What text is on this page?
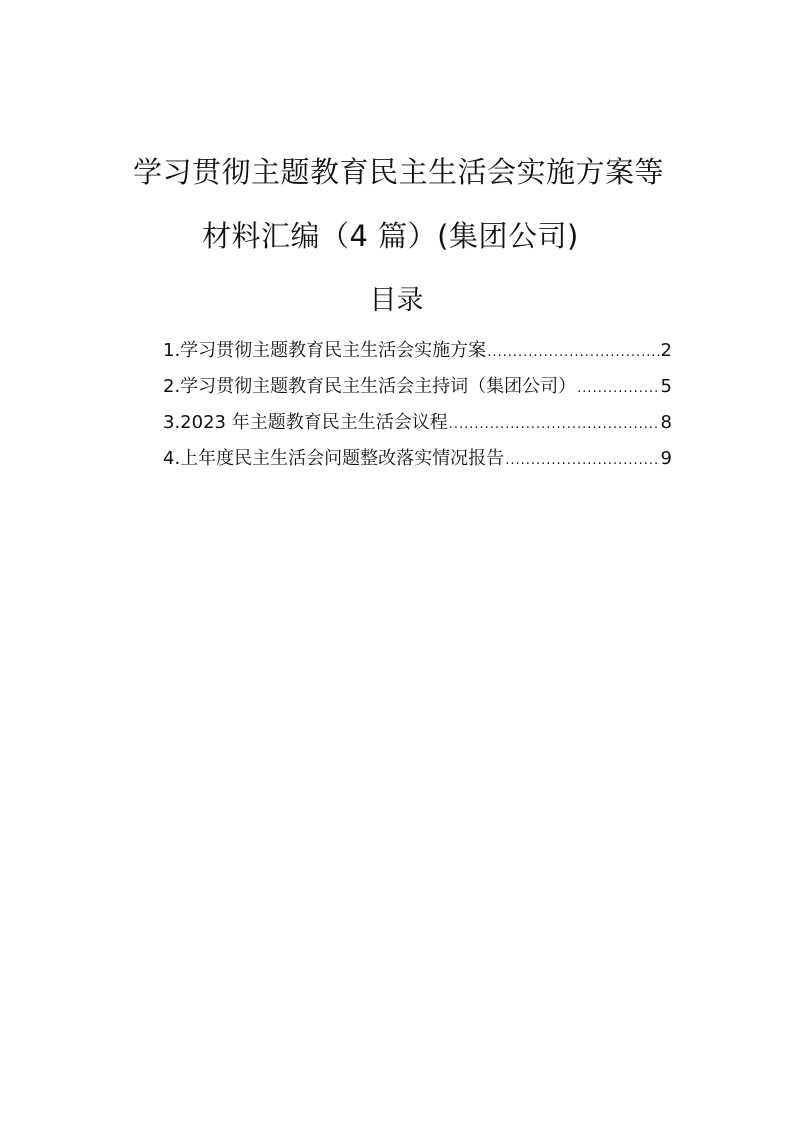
学习贯彻主题教育民主生活会实施方案等
材料汇编（4 篇）(集团公司)
目录
1.学习贯彻主题教育民主生活会实施方案 .....	2
2.学习贯彻主题教育民主生活会主持词（集团公司） .....	5
3.2023 年主题教育民主生活会议程 .....	8
4.上年度民主生活会问题整改落实情况报告 .....	9
